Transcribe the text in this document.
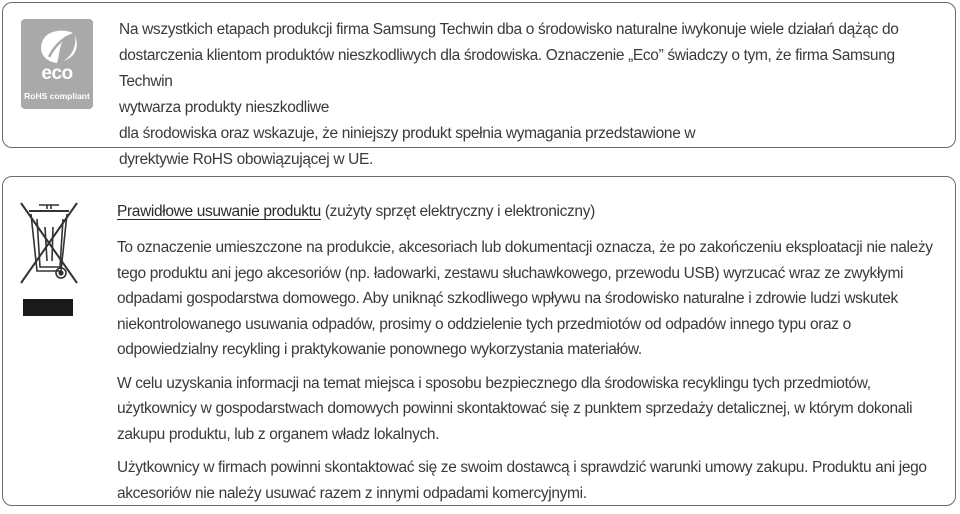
eco
RoHS compliant

Na wszystkich etapach produkcji firma Samsung Techwin dba o środowisko naturalne iwykonuje wiele działań dążąc do

dostarczenia klientom produktów nieszkodliwych dla środowiska. Oznaczenie „Eco” świadczy o tym, że firma Samsung Techwin

wytwarza produkty nieszkodliwe

dla środowiska oraz wskazuje, że niniejszy produkt spełnia wymagania przedstawione w

dyrektywie RoHS obowiązującej w UE.

Prawidłowe usuwanie produktu (zużyty sprzęt elektryczny i elektroniczny)

To oznaczenie umieszczone na produkcie, akcesoriach lub dokumentacji oznacza, że po zakończeniu eksploatacji nie należy tego produktu ani jego akcesoriów (np. ładowarki, zestawu słuchawkowego, przewodu USB) wyrzucać wraz ze zwykłymi odpadami gospodarstwa domowego. Aby uniknąć szkodliwego wpływu na środowisko naturalne i zdrowie ludzi wskutek niekontrolowanego usuwania odpadów, prosimy o oddzielenie tych przedmiotów od odpadów innego typu oraz o odpowiedzialny recykling i praktykowanie ponownego wykorzystania materiałów.

W celu uzyskania informacji na temat miejsca i sposobu bezpiecznego dla środowiska recyklingu tych przedmiotów, użytkownicy w gospodarstwach domowych powinni skontaktować się z punktem sprzedaży detalicznej, w którym dokonali zakupu produktu, lub z organem władz lokalnych.

Użytkownicy w firmach powinni skontaktować się ze swoim dostawcą i sprawdzić warunki umowy zakupu. Produktu ani jego akcesoriów nie należy usuwać razem z innymi odpadami komercyjnymi.
